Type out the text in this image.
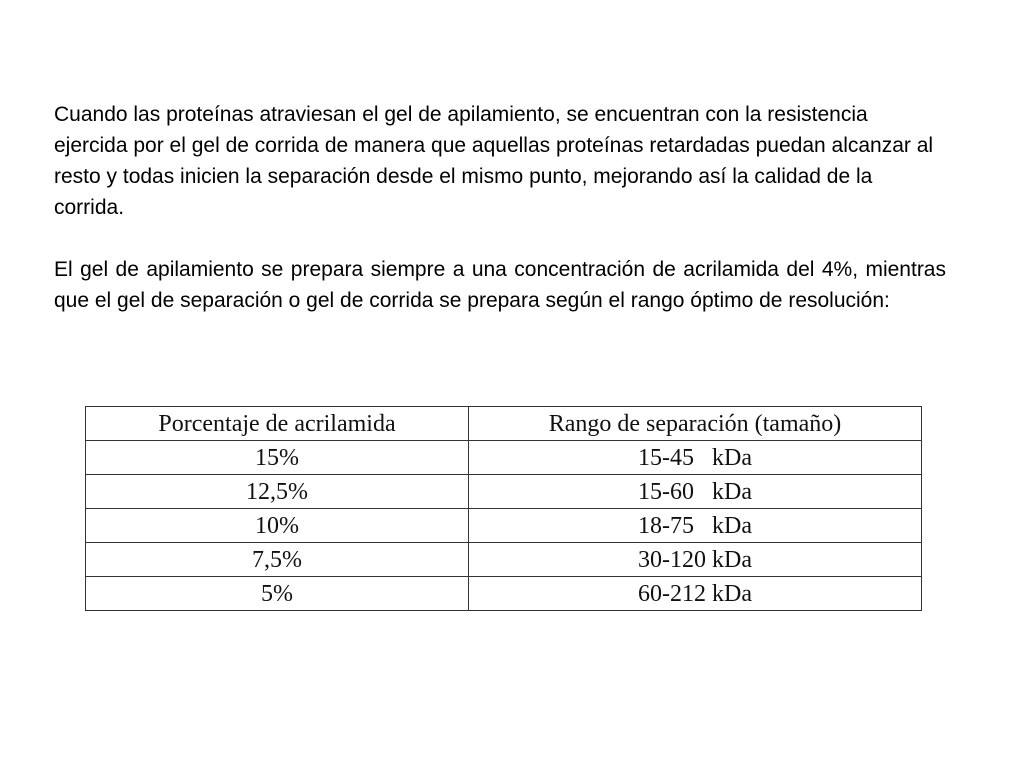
Cuando las proteínas atraviesan el gel de apilamiento, se encuentran con la resistencia ejercida por el gel de corrida de manera que aquellas proteínas retardadas puedan alcanzar al resto y todas inicien la separación desde el mismo punto, mejorando así la calidad de la corrida.

El gel de apilamiento se prepara siempre a una concentración de acrilamida del 4%, mientras que el gel de separación o gel de corrida se prepara según el rango óptimo de resolución:

Porcentaje de acrilamida	Rango de separación (tamaño)
15%	15-45   kDa
12,5%	15-60   kDa
10%	18-75   kDa
7,5%	30-120 kDa
5%	60-212 kDa
